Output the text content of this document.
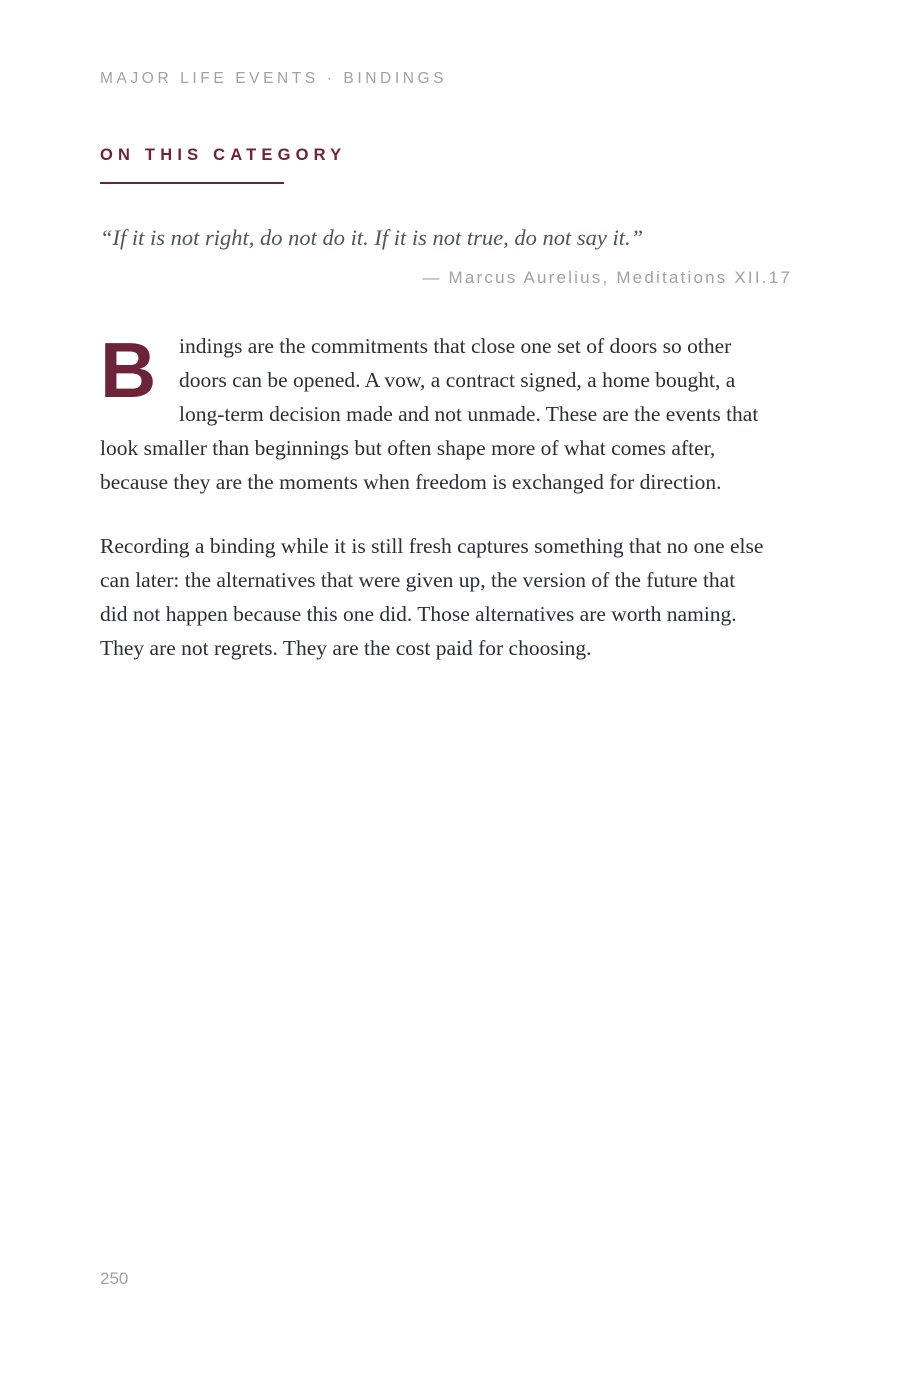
MAJOR LIFE EVENTS · BINDINGS
ON THIS CATEGORY
“If it is not right, do not do it. If it is not true, do not say it.”
— Marcus Aurelius, Meditations XII.17
B	indings are the commitments that close one set of doors so other
doors can be opened. A vow, a contract signed, a home bought, a
long-term decision made and not unmade. These are the events that
look smaller than beginnings but often shape more of what comes after,
because they are the moments when freedom is exchanged for direction.

Recording a binding while it is still fresh captures something that no one else
can later: the alternatives that were given up, the version of the future that
did not happen because this one did. Those alternatives are worth naming.
They are not regrets. They are the cost paid for choosing.

250
